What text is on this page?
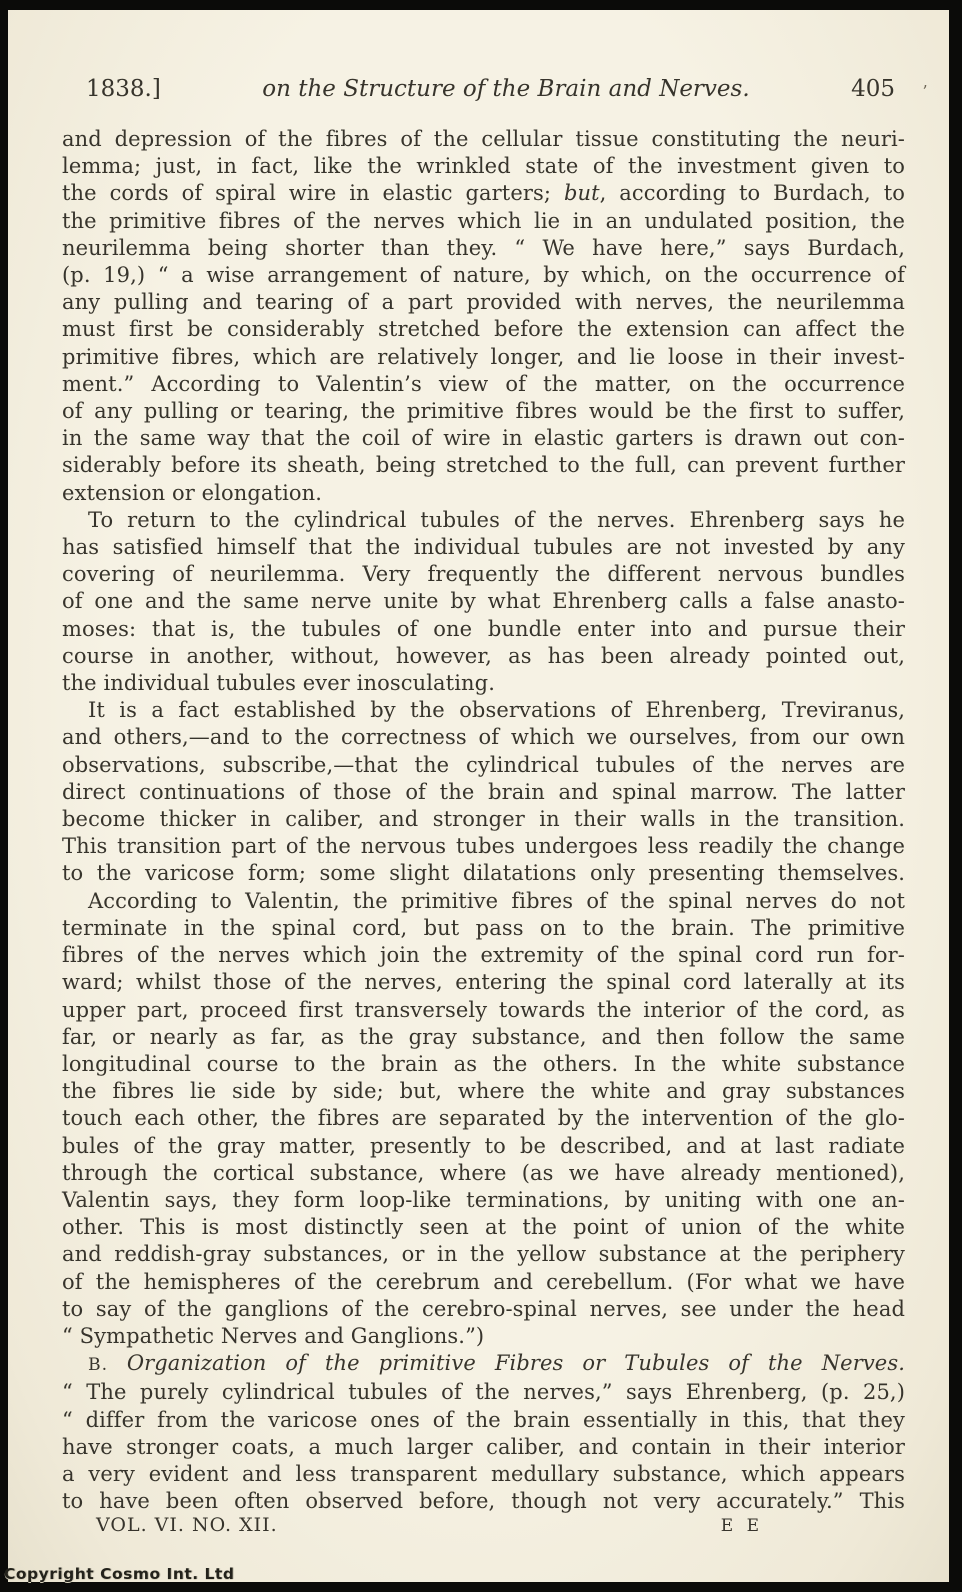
1838.]	on the Structure of the Brain and Nerves.	405	ʼ
and depression of the fibres of the cellular tissue constituting the neuri-
lemma; just, in fact, like the wrinkled state of the investment given to
the cords of spiral wire in elastic garters; but, according to Burdach, to
the primitive fibres of the nerves which lie in an undulated position, the
neurilemma being shorter than they. “ We have here,” says Burdach,
(p. 19,) “ a wise arrangement of nature, by which, on the occurrence of
any pulling and tearing of a part provided with nerves, the neurilemma
must first be considerably stretched before the extension can affect the
primitive fibres, which are relatively longer, and lie loose in their invest-
ment.” According to Valentin’s view of the matter, on the occurrence
of any pulling or tearing, the primitive fibres would be the first to suffer,
in the same way that the coil of wire in elastic garters is drawn out con-
siderably before its sheath, being stretched to the full, can prevent further
extension or elongation.
To return to the cylindrical tubules of the nerves. Ehrenberg says he
has satisfied himself that the individual tubules are not invested by any
covering of neurilemma. Very frequently the different nervous bundles
of one and the same nerve unite by what Ehrenberg calls a false anasto-
moses: that is, the tubules of one bundle enter into and pursue their
course in another, without, however, as has been already pointed out,
the individual tubules ever inosculating.
It is a fact established by the observations of Ehrenberg, Treviranus,
and others,—and to the correctness of which we ourselves, from our own
observations, subscribe,—that the cylindrical tubules of the nerves are
direct continuations of those of the brain and spinal marrow. The latter
become thicker in caliber, and stronger in their walls in the transition.
This transition part of the nervous tubes undergoes less readily the change
to the varicose form; some slight dilatations only presenting themselves.
According to Valentin, the primitive fibres of the spinal nerves do not
terminate in the spinal cord, but pass on to the brain. The primitive
fibres of the nerves which join the extremity of the spinal cord run for-
ward; whilst those of the nerves, entering the spinal cord laterally at its
upper part, proceed first transversely towards the interior of the cord, as
far, or nearly as far, as the gray substance, and then follow the same
longitudinal course to the brain as the others. In the white substance
the fibres lie side by side; but, where the white and gray substances
touch each other, the fibres are separated by the intervention of the glo-
bules of the gray matter, presently to be described, and at last radiate
through the cortical substance, where (as we have already mentioned),
Valentin says, they form loop-like terminations, by uniting with one an-
other. This is most distinctly seen at the point of union of the white
and reddish-gray substances, or in the yellow substance at the periphery
of the hemispheres of the cerebrum and cerebellum. (For what we have
to say of the ganglions of the cerebro-spinal nerves, see under the head
“ Sympathetic Nerves and Ganglions.”)
B. Organization of the primitive Fibres or Tubules of the Nerves.
“ The purely cylindrical tubules of the nerves,” says Ehrenberg, (p. 25,)
“ differ from the varicose ones of the brain essentially in this, that they
have stronger coats, a much larger caliber, and contain in their interior
a very evident and less transparent medullary substance, which appears
to have been often observed before, though not very accurately.” This
VOL. VI. NO. XII.	E E
Copyright Cosmo Int. Ltd
